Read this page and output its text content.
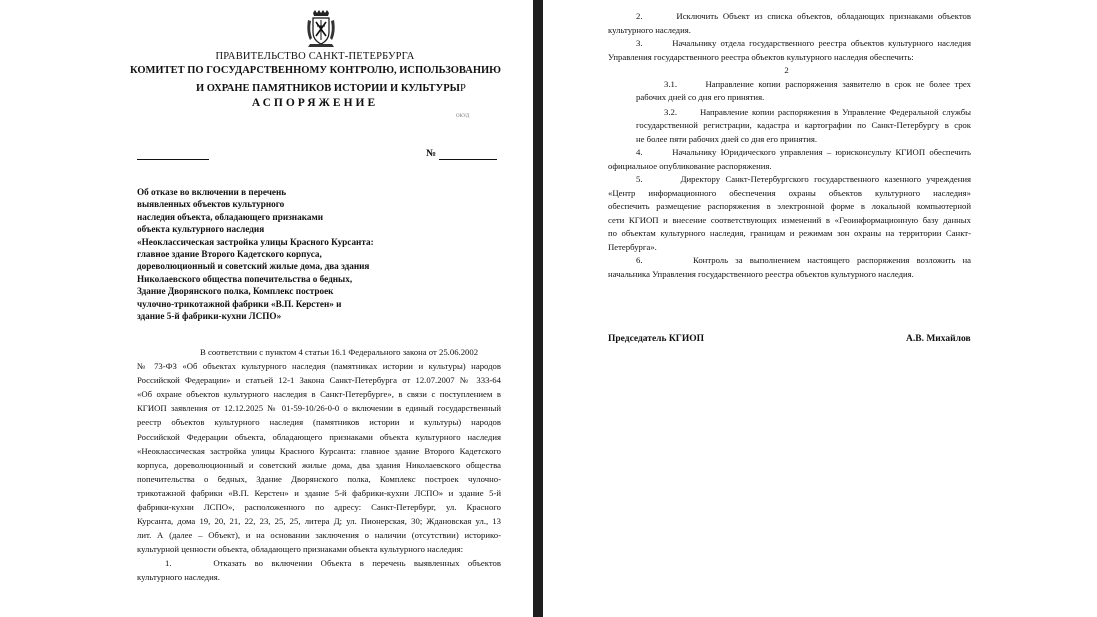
ПРАВИТЕЛЬСТВО САНКТ-ПЕТЕРБУРГА
КОМИТЕТ ПО ГОСУДАРСТВЕННОМУ КОНТРОЛЮ, ИСПОЛЬЗОВАНИЮ
И ОХРАНЕ ПАМЯТНИКОВ ИСТОРИИ И КУЛЬТУРЫР
АСПОРЯЖЕНИЕ
ОКУД
№
Об отказе во включении в перечень
выявленных объектов культурного
наследия объекта, обладающего признаками
объекта культурного наследия
«Неоклассическая застройка улицы Красного Курсанта:
главное здание Второго Кадетского корпуса,
дореволюционный и советский жилые дома, два здания
Николаевского общества попечительства о бедных,
Здание Дворянского полка, Комплекс построек
чулочно-трикотажной фабрики «В.П. Керстен» и
здание 5-й фабрики-кухни ЛСПО»
В соответствии с пунктом 4 статьи 16.1 Федерального закона от 25.06.2002
№ 73-ФЗ «Об объектах культурного наследия (памятниках истории и культуры) народов
Российской Федерации» и статьей 12-1 Закона Санкт-Петербурга от 12.07.2007 № 333-64
«Об охране объектов культурного наследия в Санкт-Петербурге», в связи с поступлением в
КГИОП заявления от 12.12.2025 № 01-59-10/26-0-0 о включении в единый государственный
реестр объектов культурного наследия (памятников истории и культуры) народов
Российской Федерации объекта, обладающего признаками объекта культурного наследия
«Неоклассическая застройка улицы Красного Курсанта: главное здание Второго Кадетского
корпуса, дореволюционный и советский жилые дома, два здания Николаевского общества
попечительства о бедных, Здание Дворянского полка, Комплекс построек чулочно-
трикотажной фабрики «В.П. Керстен» и здание 5-й фабрики-кухни ЛСПО» и здание 5-й
фабрики-кухни ЛСПО», расположенного по адресу: Санкт-Петербург, ул. Красного
Курсанта, дома 19, 20, 21, 22, 23, 25, 25, литера Д; ул. Пионерская, 30; Ждановская ул., 13
лит. А (далее – Объект), и на основании заключения о наличии (отсутствии) историко-
культурной ценности объекта, обладающего признаками объекта культурного наследия:
1.	Отказать во включении Объекта в перечень выявленных объектов
культурного наследия.
2.	Исключить Объект из списка объектов, обладающих признаками объектов
культурного наследия.
3.	Начальнику отдела государственного реестра объектов культурного наследия
Управления государственного реестра объектов культурного наследия обеспечить:
2
3.1.	Направление копии распоряжения заявителю в срок не более трех
рабочих дней со дня его принятия.
3.2.	Направление копии распоряжения в Управление Федеральной службы
государственной регистрации, кадастра и картографии по Санкт-Петербургу в срок
не более пяти рабочих дней со дня его принятия.
4.	Начальнику Юридического управления – юрисконсульту КГИОП обеспечить
официальное опубликование распоряжения.
5.	Директору Санкт-Петербургского государственного казенного учреждения
«Центр информационного обеспечения охраны объектов культурного наследия»
обеспечить размещение распоряжения в электронной форме в локальной компьютерной
сети КГИОП и внесение соответствующих изменений в «Геоинформационную базу данных
по объектам культурного наследия, границам и режимам зон охраны на территории Санкт-
Петербурга».
6.	Контроль за выполнением настоящего распоряжения возложить на
начальника Управления государственного реестра объектов культурного наследия.
Председатель КГИОП	А.В. Михайлов
